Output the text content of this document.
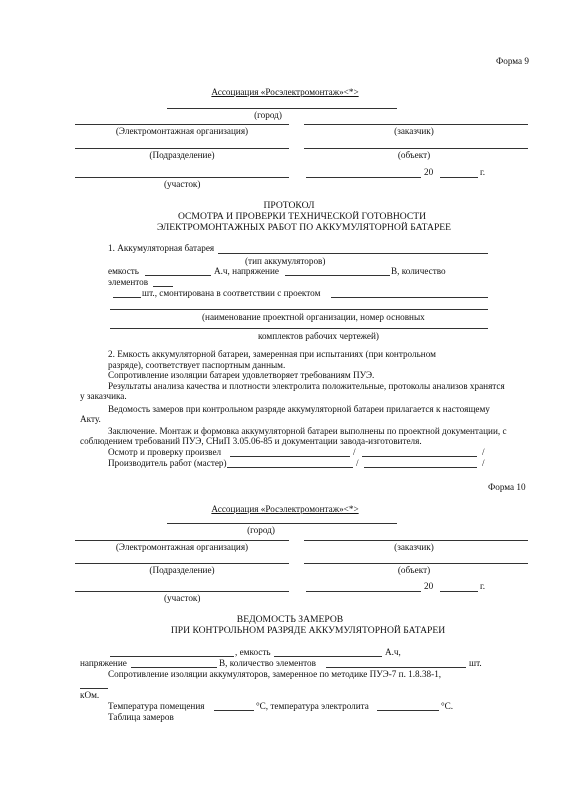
Форма 9
Ассоциация «Росэлектромонтаж»<*>
(город)
(Электромонтажная организация)	(заказчик)
(Подразделение)	(объект)
20	г.
(участок)
ПРОТОКОЛ
ОСМОТРА И ПРОВЕРКИ ТЕХНИЧЕСКОЙ ГОТОВНОСТИ
ЭЛЕКТРОМОНТАЖНЫХ РАБОТ ПО АККУМУЛЯТОРНОЙ БАТАРЕЕ
1. Аккумуляторная батарея
(тип аккумуляторов)
емкость	А.ч, напряжение	В, количество
элементов
шт., смонтирована в соответствии с проектом
(наименование проектной организации, номер основных
комплектов рабочих чертежей)
2. Емкость аккумуляторной батареи, замеренная при испытаниях (при контрольном
разряде), соответствует паспортным данным.
Сопротивление изоляции батареи удовлетворяет требованиям ПУЭ.
Результаты анализа качества и плотности электролита положительные, протоколы анализов хранятся
у заказчика.
Ведомость замеров при контрольном разряде аккумуляторной батареи прилагается к настоящему
Акту.
Заключение. Монтаж и формовка аккумуляторной батареи выполнены по проектной документации, с
соблюдением требований ПУЭ, СНиП 3.05.06-85 и документации завода-изготовителя.
Осмотр и проверку произвел	/	/
Производитель работ (мастер)	/	/
Форма 10
Ассоциация «Росэлектромонтаж»<*>
(город)
(Электромонтажная организация)	(заказчик)
(Подразделение)	(объект)
20	г.
(участок)
ВЕДОМОСТЬ ЗАМЕРОВ
ПРИ КОНТРОЛЬНОМ РАЗРЯДЕ АККУМУЛЯТОРНОЙ БАТАРЕИ
, емкость	А.ч,
напряжение	В, количество элементов	шт.
Сопротивление изоляции аккумуляторов, замеренное по методике ПУЭ-7 п. 1.8.38-1,
кОм.
Температура помещения	°С, температура электролита	°С.
Таблица замеров
